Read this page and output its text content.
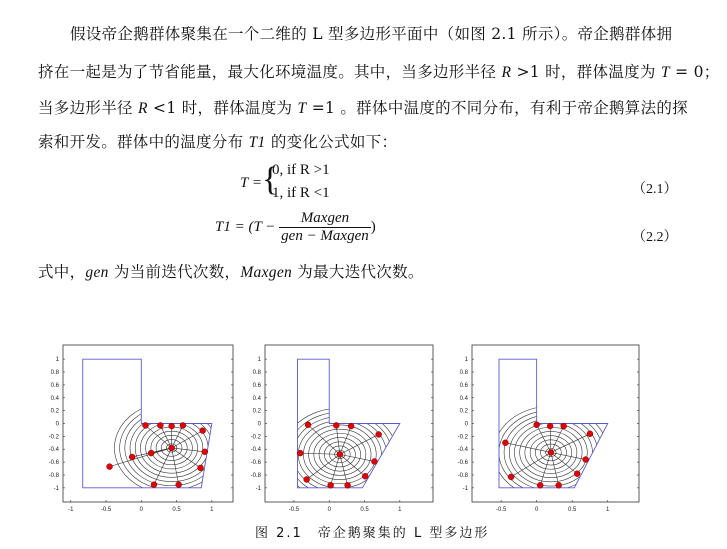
假设帝企鹅群体聚集在一个二维的 L 型多边形平面中（如图 2.1 所示）。帝企鹅群体拥
挤在一起是为了节省能量，最大化环境温度。其中，当多边形半径 R >1 时，群体温度为 T = 0；
当多边形半径 R <1 时，群体温度为 T =1 。群体中温度的不同分布，有利于帝企鹅算法的探
索和开发。群体中的温度分布 T1 的变化公式如下：
T = {
0, if R >1
1, if R <1	（2.1）
$T1 = (T - \frac{\text{Maxgen}}{\text{gen − Maxgen}}$ )
（2.2）
式中，gen 为当前迭代次数，Maxgen 为最大迭代次数。
-1	-0.5	0	0.5	1
1
0.8
0.6
0.4
0.2
0
-0.2
-0.4
-0.6
-0.8
-1
-0.5	0	0.5	1
1
0.8
0.6
0.4
0.2
0
-0.2
-0.4
-0.6
-0.8
-1
-0.5	0	0.5	1
1
0.8
0.6
0.4
0.2
0
-0.2
-0.4
-0.6
-0.8
-1
图 2.1　帝企鹅聚集的 L 型多边形
